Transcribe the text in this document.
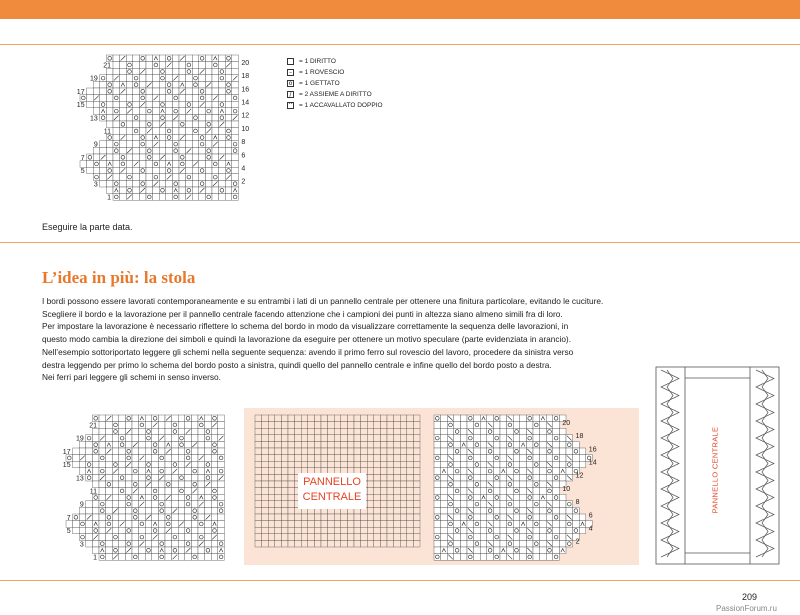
21
19
17
15
13
11
9
7
5
3
1
20
18
16
14
12
10
8
6
4
2
= 1 DIRITTO
–	= 1 ROVESCIO
o = 1 GETTATO
/	= 2 ASSIEME A DIRITTO
^ = 1 ACCAVALLATO DOPPIO
Eseguire la parte data.
L’idea in più: la stola
I bordi possono essere lavorati contemporaneamente e su entrambi i lati di un pannello centrale per ottenere una finitura particolare, evitando le cuciture.
Scegliere il bordo e la lavorazione per il pannello centrale facendo attenzione che i campioni dei punti in altezza siano almeno simili fra di loro.
Per impostare la lavorazione è necessario riflettere lo schema del bordo in modo da visualizzare correttamente la sequenza delle lavorazioni, in
questo modo cambia la direzione dei simboli e quindi la lavorazione da eseguire per ottenere un motivo speculare (parte evidenziata in arancio).
Nell’esempio sottoriportato leggere gli schemi nella seguente sequenza: avendo il primo ferro sul rovescio del lavoro, procedere da sinistra verso
destra leggendo per primo lo schema del bordo posto a sinistra, quindi quello del pannello centrale e infine quello del bordo posto a destra.
Nei ferri pari leggere gli schemi in senso inverso.
21
19
17
15
13
11
9
7
5
3
1
PANNELLO
CENTRALE
20
18
16
14
12
10
8
6
4
2
PANNELLO CENTRALE
209
PassionForum.ru
